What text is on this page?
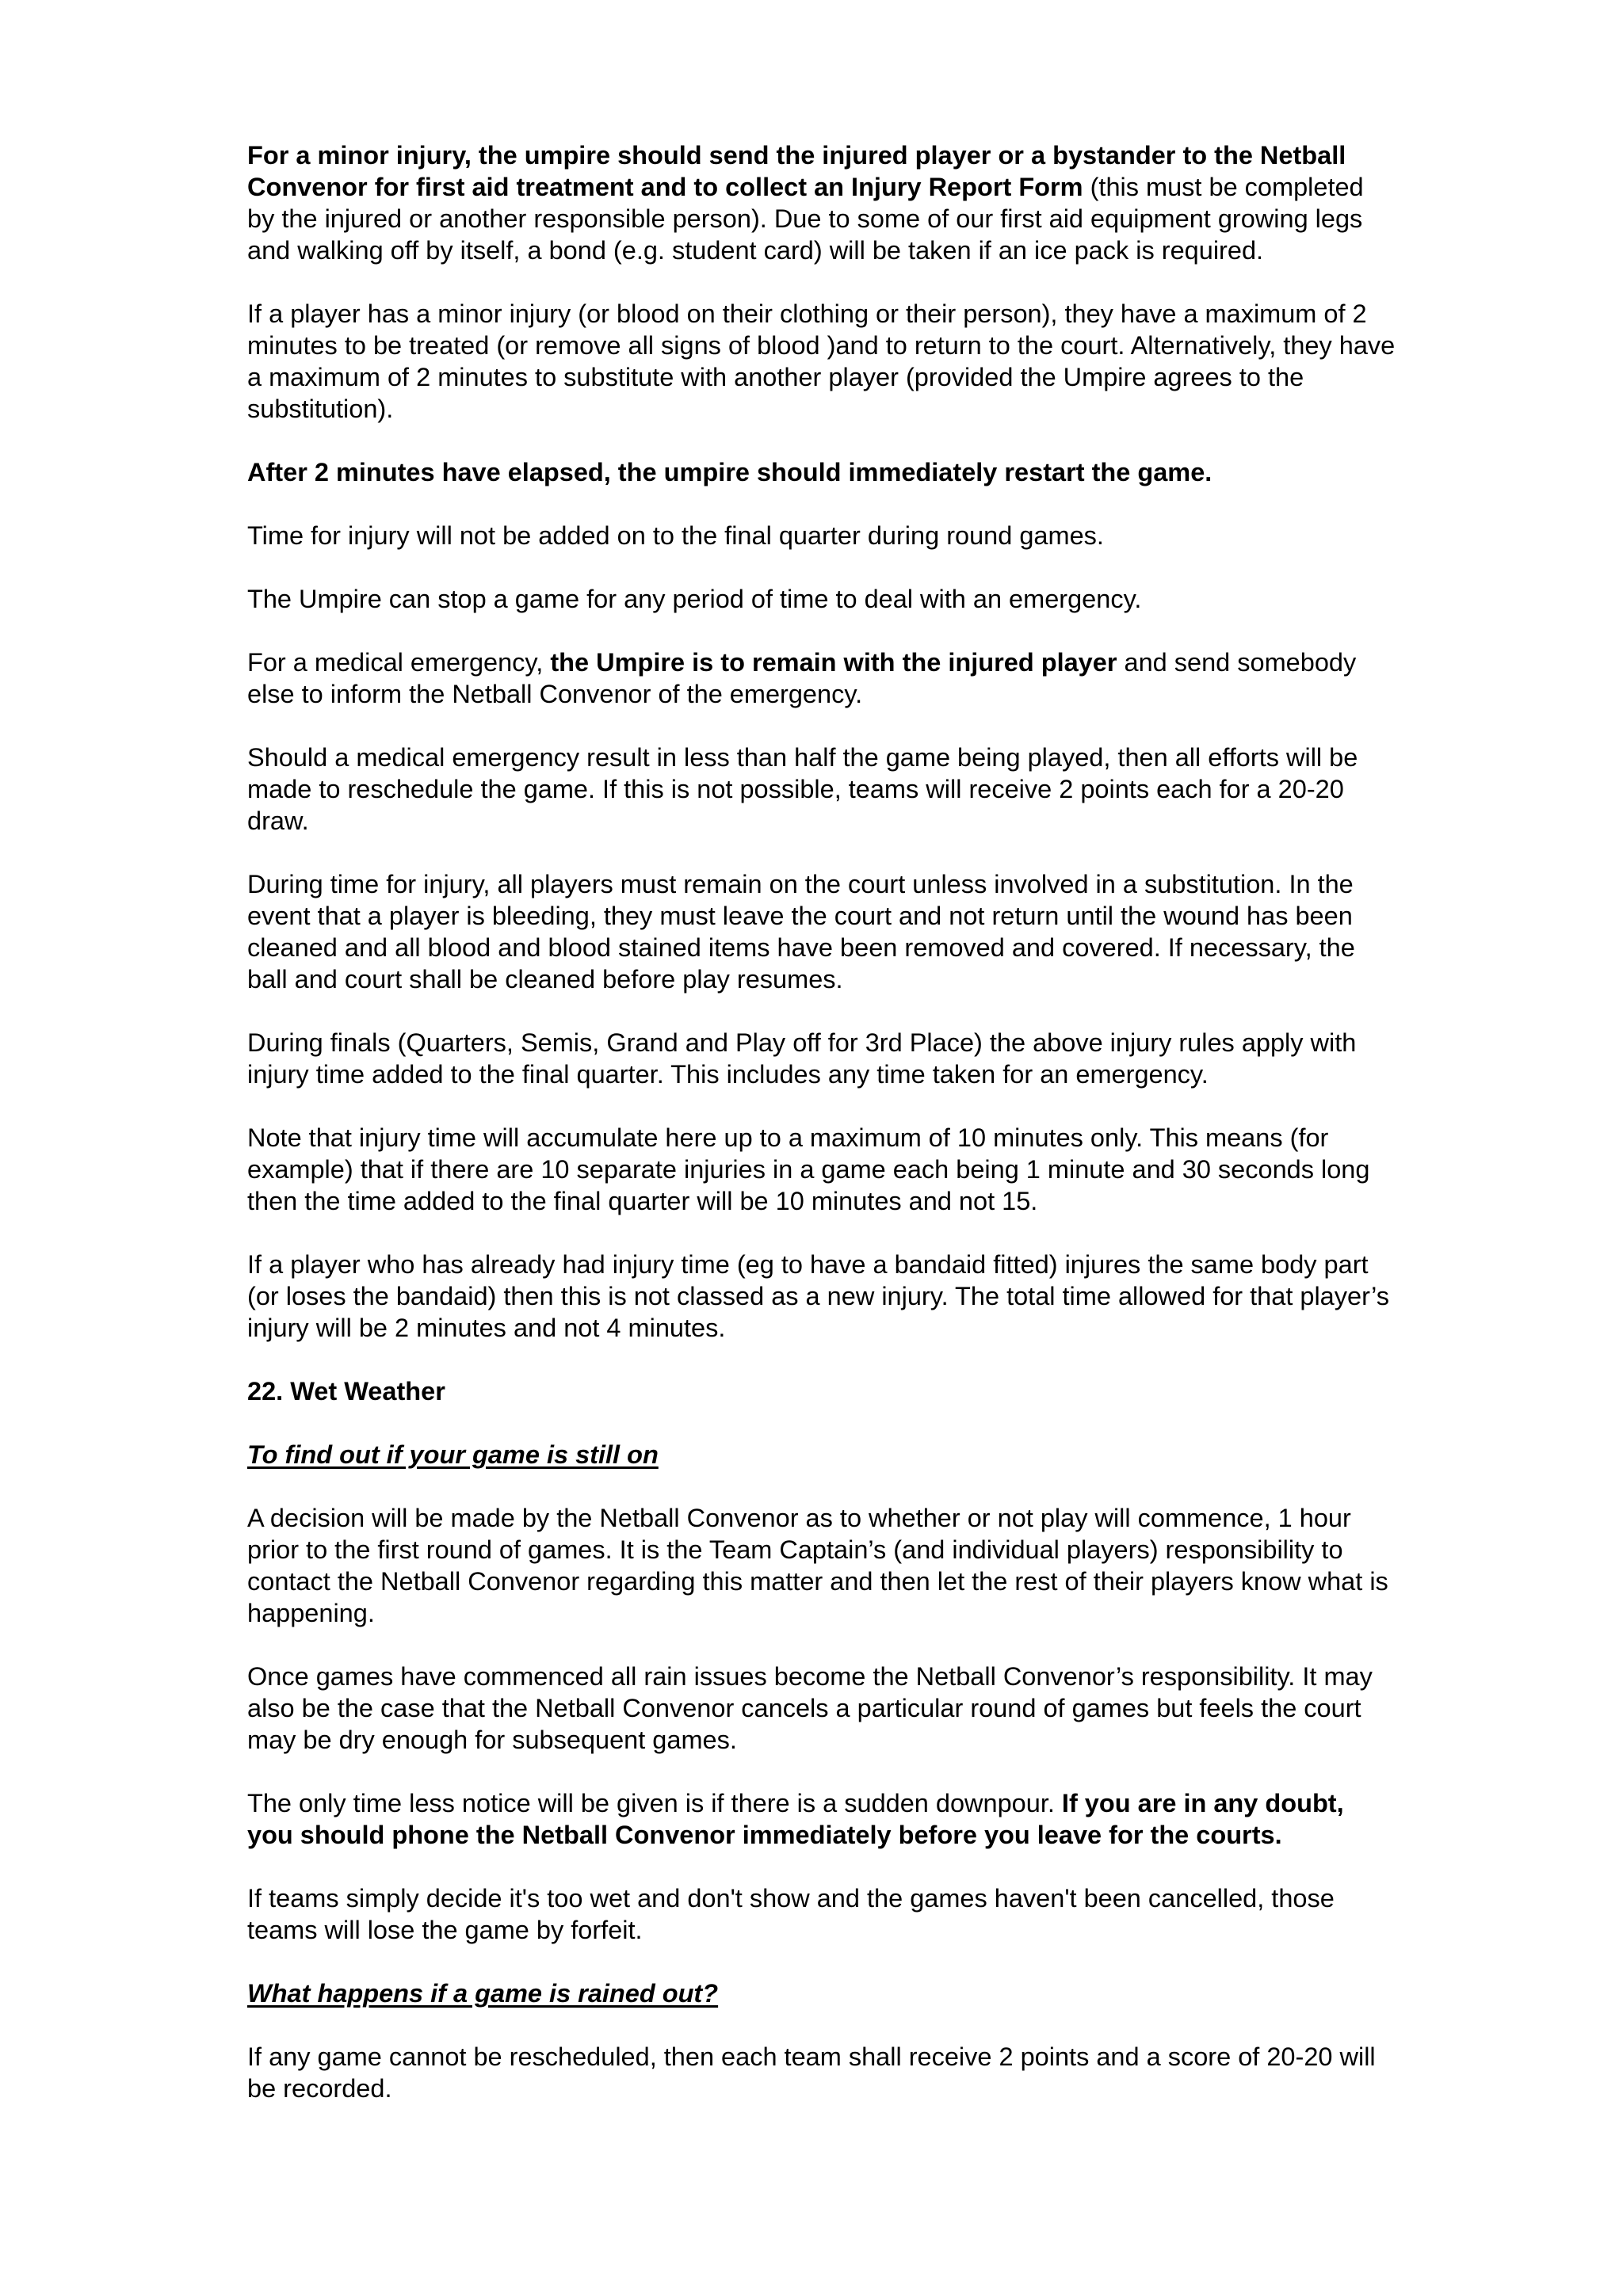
For a minor injury, the umpire should send the injured player or a bystander to the Netball Convenor for first aid treatment and to collect an Injury Report Form (this must be completed by the injured or another responsible person). Due to some of our first aid equipment growing legs and walking off by itself, a bond (e.g. student card) will be taken if an ice pack is required.

If a player has a minor injury (or blood on their clothing or their person), they have a maximum of 2 minutes to be treated (or remove all signs of blood )and to return to the court. Alternatively, they have a maximum of 2 minutes to substitute with another player (provided the Umpire agrees to the substitution).

After 2 minutes have elapsed, the umpire should immediately restart the game.

Time for injury will not be added on to the final quarter during round games.

The Umpire can stop a game for any period of time to deal with an emergency.

For a medical emergency, the Umpire is to remain with the injured player and send somebody else to inform the Netball Convenor of the emergency.

Should a medical emergency result in less than half the game being played, then all efforts will be made to reschedule the game. If this is not possible, teams will receive 2 points each for a 20-20 draw.

During time for injury, all players must remain on the court unless involved in a substitution. In the event that a player is bleeding, they must leave the court and not return until the wound has been cleaned and all blood and blood stained items have been removed and covered. If necessary, the ball and court shall be cleaned before play resumes.

During finals (Quarters, Semis, Grand and Play off for 3rd Place) the above injury rules apply with injury time added to the final quarter. This includes any time taken for an emergency.

Note that injury time will accumulate here up to a maximum of 10 minutes only. This means (for example) that if there are 10 separate injuries in a game each being 1 minute and 30 seconds long then the time added to the final quarter will be 10 minutes and not 15.

If a player who has already had injury time (eg to have a bandaid fitted) injures the same body part (or loses the bandaid) then this is not classed as a new injury. The total time allowed for that player’s injury will be 2 minutes and not 4 minutes.

22. Wet Weather

To find out if your game is still on

A decision will be made by the Netball Convenor as to whether or not play will commence, 1 hour prior to the first round of games. It is the Team Captain’s (and individual players) responsibility to contact the Netball Convenor regarding this matter and then let the rest of their players know what is happening.

Once games have commenced all rain issues become the Netball Convenor’s responsibility. It may also be the case that the Netball Convenor cancels a particular round of games but feels the court may be dry enough for subsequent games.

The only time less notice will be given is if there is a sudden downpour. If you are in any doubt, you should phone the Netball Convenor immediately before you leave for the courts.

If teams simply decide it's too wet and don't show and the games haven't been cancelled, those teams will lose the game by forfeit.

What happens if a game is rained out?

If any game cannot be rescheduled, then each team shall receive 2 points and a score of 20-20 will be recorded.
